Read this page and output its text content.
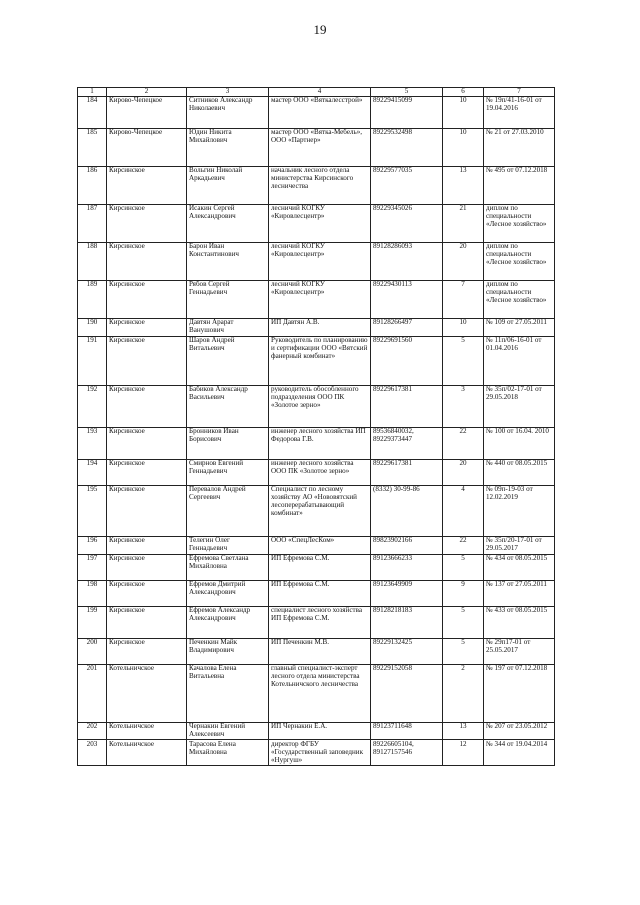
19
1	2	3	4	5	6	7
184	Кирово-Чепецкое	Ситников Александр Николаевич	мастер ООО «Вяткалесстрой»	89229415099	10	№ 19п/41-16-01 от 19.04.2016
185	Кирово-Чепецкое	Юдин Никита Михайлович	мастер ООО «Вятка-Мебель», ООО «Партнер»	89229532498	10	№ 21 от 27.03.2010
186	Кирсинское	Вольгин Николай Аркадьевич	начальник лесного отдела министерства Кирсинского лесничества	89229577035	13	№ 495 от 07.12.2018
187	Кирсинское	Исакин Сергей Александрович	лесничий КОГКУ «Кировлесцентр»	89229345026	21	диплом по специальности «Лесное хозяйство»
188	Кирсинское	Барон Иван Константинович	лесничий КОГКУ «Кировлесцентр»	89128286093	20	диплом по специальности «Лесное хозяйство»
189	Кирсинское	Рябов Сергей Геннадьевич	лесничий КОГКУ «Кировлесцентр»	89229430113	7	диплом по специальности «Лесное хозяйство»
190	Кирсинское	Давтян Арарат Ванушович	ИП Давтян А.В.	89128266497	10	№ 109 от 27.05.2011
191	Кирсинское	Шаров Андрей Витальевич	Руководитель по планированию и сертификации ООО «Вятский фанерный комбинат»	89229691560	5	№ 11п/06-16-01 от 01.04.2016
192	Кирсинское	Бабиков Александр Васильевич	руководитель обособленного подразделения ООО ПК «Золотое зерно»	89229617381	3	№ 35п/02-17-01 от 29.05.2018
193	Кирсинское	Бронников Иван Борисович	инженер лесного хозяйства ИП Федорова Г.В.	89536840032, 89229373447	22	№ 100 от 16.04. 2010
194	Кирсинское	Смирнов Евгений Геннадьевич	инженер лесного хозяйства ООО ПК «Золотое зерно»	89229617381	20	№ 440 от 08.05.2015
195	Кирсинское	Перевалов Андрей Сергеевич	Специалист по лесному хозяйству АО «Нововятский лесоперерабатывающий комбинат»	(8332) 30-99-86	4	№ 09п-19-03 от 12.02.2019
196	Кирсинское	Телегин Олег Геннадьевич	ООО «СпецЛесКом»	89823902166	22	№ 35п/20-17-01 от 29.05.2017
197	Кирсинское	Ефремова Светлана Михайловна	ИП Ефремова С.М.	89123666233	5	№ 434 от 08.05.2015
198	Кирсинское	Ефремов Дмитрий Александрович	ИП Ефремова С.М.	89123649909	9	№ 137 от 27.05.2011
199	Кирсинское	Ефремов Александр Александрович	специалист лесного хозяйства ИП Ефремова С.М.	89128218183	5	№ 433 от 08.05.2015
200	Кирсинское	Печенкин Майк Владимирович	ИП Печенкин М.В.	89229132425	5	№ 29п17-01 от 25.05.2017
201	Котельничское	Качалова Елена Витальевна	главный специалист-эксперт лесного отдела министерства Котельничского лесничества	89229152058	2	№ 197 от 07.12.2018
202	Котельничское	Чернакин Евгений Алексеевич	ИП Чернакин Е.А.	89123711648	13	№ 207 от 23.05.2012
203	Котельничское	Тарасова Елена Михайловна	директор ФГБУ «Государственный заповедник «Нургуш»	89226605104, 89127157546	12	№ 344 от 19.04.2014
